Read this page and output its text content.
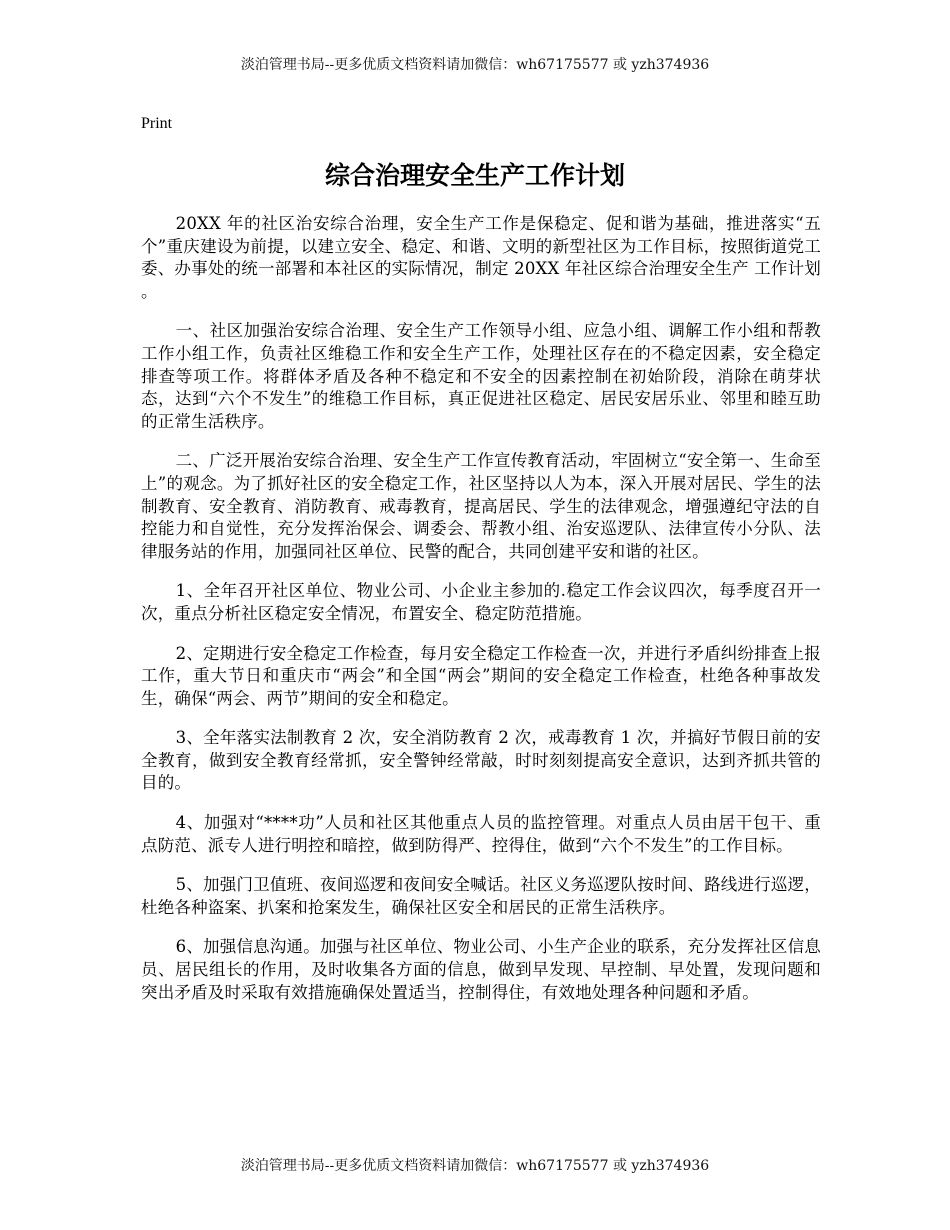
淡泊管理书局--更多优质文档资料请加微信：wh67175577 或 yzh374936
Print
综合治理安全生产工作计划

20XX 年的社区治安综合治理，安全生产工作是保稳定、促和谐为基础，推进落实“五个”重庆建设为前提，以建立安全、稳定、和谐、文明的新型社区为工作目标，按照街道党工委、办事处的统一部署和本社区的实际情况，制定 20XX 年社区综合治理安全生产 工作计划 。

一、社区加强治安综合治理、安全生产工作领导小组、应急小组、调解工作小组和帮教工作小组工作，负责社区维稳工作和安全生产工作，处理社区存在的不稳定因素，安全稳定排查等项工作。将群体矛盾及各种不稳定和不安全的因素控制在初始阶段，消除在萌芽状态，达到“六个不发生”的维稳工作目标，真正促进社区稳定、居民安居乐业、邻里和睦互助的正常生活秩序。

二、广泛开展治安综合治理、安全生产工作宣传教育活动，牢固树立“安全第一、生命至上”的观念。为了抓好社区的安全稳定工作，社区坚持以人为本，深入开展对居民、学生的法制教育、安全教育、消防教育、戒毒教育，提高居民、学生的法律观念，增强遵纪守法的自控能力和自觉性，充分发挥治保会、调委会、帮教小组、治安巡逻队、法律宣传小分队、法律服务站的作用，加强同社区单位、民警的配合，共同创建平安和谐的社区。

1、全年召开社区单位、物业公司、小企业主参加的.稳定工作会议四次，每季度召开一次，重点分析社区稳定安全情况，布置安全、稳定防范措施。

2、定期进行安全稳定工作检查，每月安全稳定工作检查一次，并进行矛盾纠纷排查上报工作，重大节日和重庆市“两会”和全国“两会”期间的安全稳定工作检查，杜绝各种事故发生，确保“两会、两节”期间的安全和稳定。

3、全年落实法制教育 2 次，安全消防教育 2 次，戒毒教育 1 次，并搞好节假日前的安全教育，做到安全教育经常抓，安全警钟经常敲，时时刻刻提高安全意识，达到齐抓共管的目的。

4、加强对“****功”人员和社区其他重点人员的监控管理。对重点人员由居干包干、重点防范、派专人进行明控和暗控，做到防得严、控得住，做到“六个不发生”的工作目标。

5、加强门卫值班、夜间巡逻和夜间安全喊话。社区义务巡逻队按时间、路线进行巡逻，杜绝各种盗案、扒案和抢案发生，确保社区安全和居民的正常生活秩序。

6、加强信息沟通。加强与社区单位、物业公司、小生产企业的联系，充分发挥社区信息员、居民组长的作用，及时收集各方面的信息，做到早发现、早控制、早处置，发现问题和突出矛盾及时采取有效措施确保处置适当，控制得住，有效地处理各种问题和矛盾。

淡泊管理书局--更多优质文档资料请加微信：wh67175577 或 yzh374936
